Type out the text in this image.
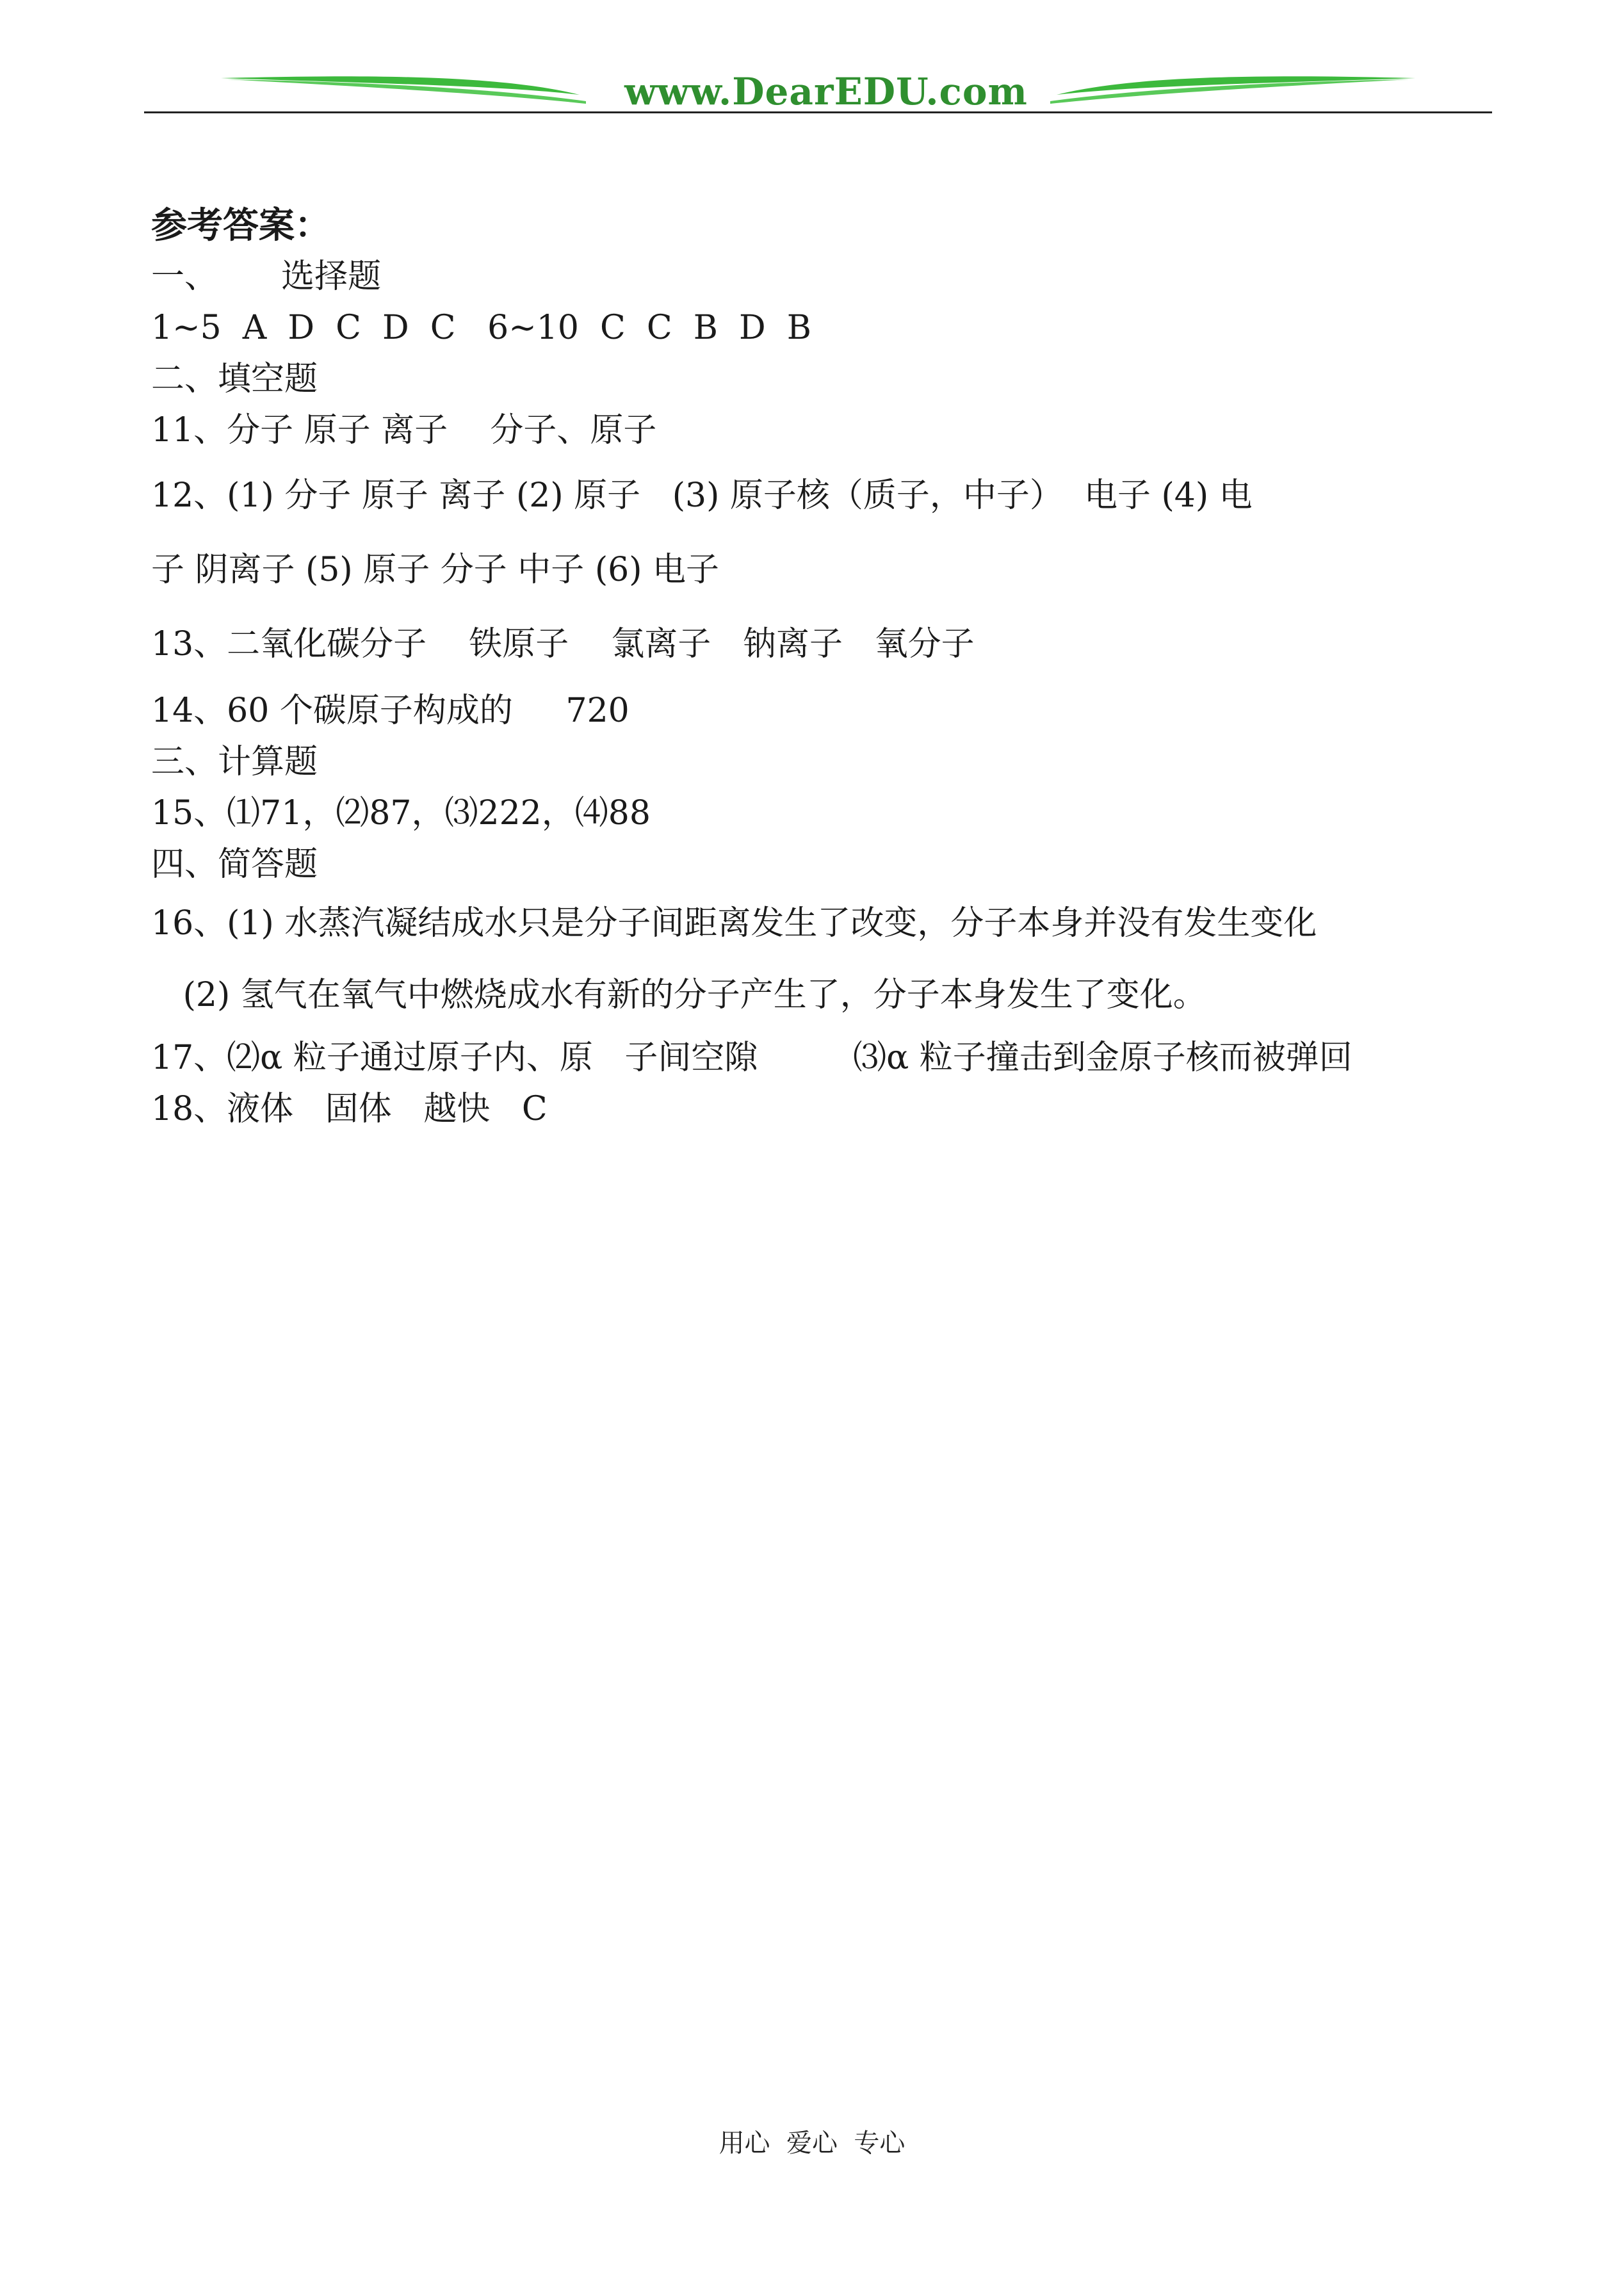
www.DearEDU.com
参考答案：
一、      选择题
1~5  A  D  C  D  C   6~10  C  C  B  D  B
二、填空题
11、分子 原子 离子    分子、原子
12、(1) 分子 原子 离子 (2) 原子   (3) 原子核（质子，中子）  电子 (4) 电
子 阴离子 (5) 原子 分子 中子 (6) 电子
13、二氧化碳分子    铁原子    氯离子   钠离子   氧分子
14、60 个碳原子构成的     720
三、计算题
15、⑴71，⑵87，⑶222，⑷88
四、简答题
16、(1) 水蒸汽凝结成水只是分子间距离发生了改变，分子本身并没有发生变化
(2) 氢气在氧气中燃烧成水有新的分子产生了，分子本身发生了变化。
17、⑵α 粒子通过原子内、原   子间空隙         ⑶α 粒子撞击到金原子核而被弹回
18、液体   固体   越快   C
用心  爱心  专心
